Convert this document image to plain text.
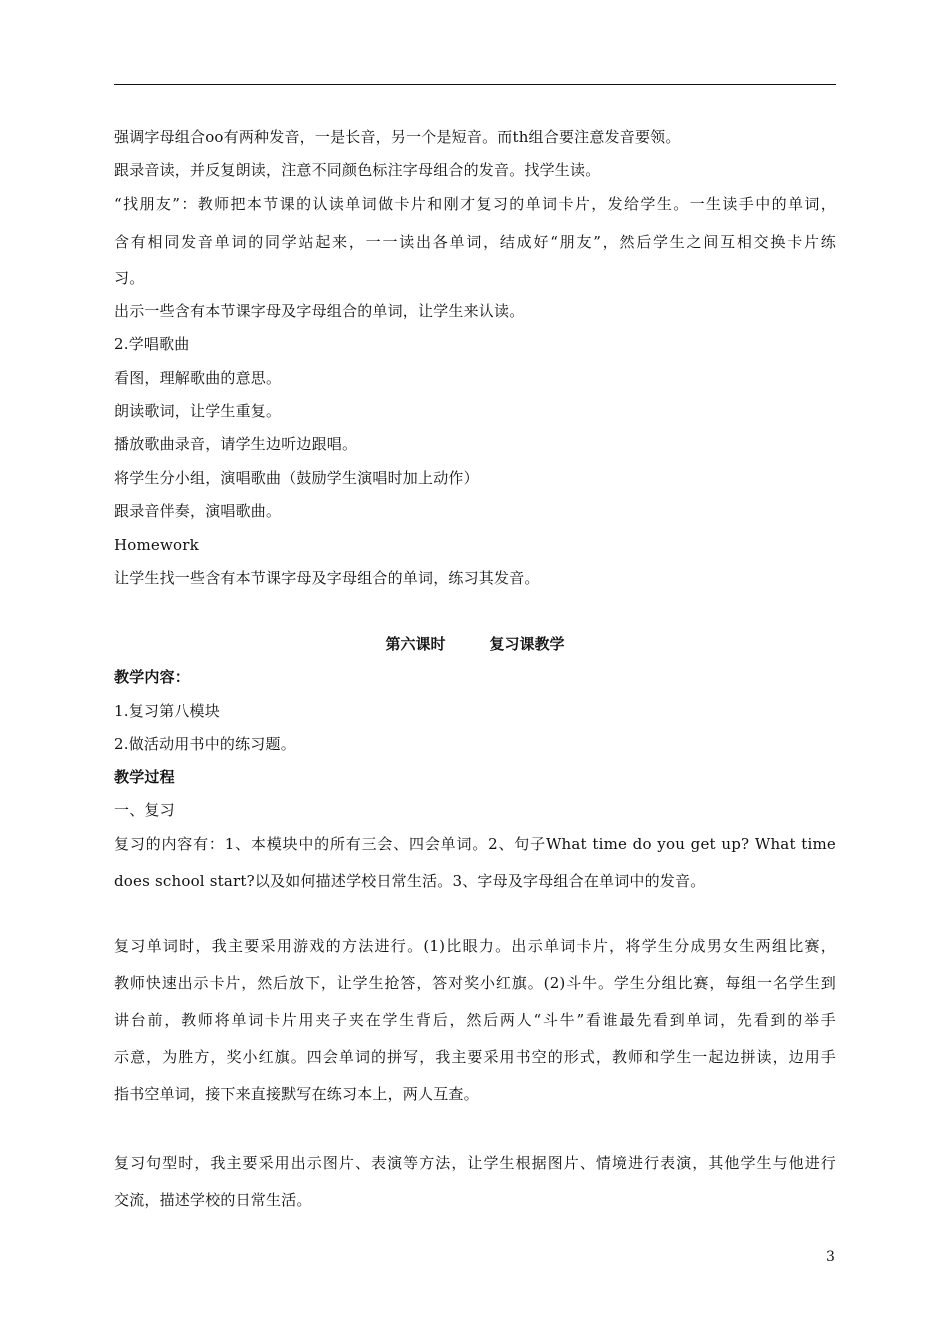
强调字母组合oo有两种发音，一是长音，另一个是短音。而th组合要注意发音要领。
跟录音读，并反复朗读，注意不同颜色标注字母组合的发音。找学生读。
“找朋友”：教师把本节课的认读单词做卡片和刚才复习的单词卡片，发给学生。一生读手中的单词，
含有相同发音单词的同学站起来，一一读出各单词，结成好“朋友”，然后学生之间互相交换卡片练
习。
出示一些含有本节课字母及字母组合的单词，让学生来认读。
2.学唱歌曲
看图，理解歌曲的意思。
朗读歌词，让学生重复。
播放歌曲录音，请学生边听边跟唱。
将学生分小组，演唱歌曲（鼓励学生演唱时加上动作）
跟录音伴奏，演唱歌曲。
Homework
让学生找一些含有本节课字母及字母组合的单词，练习其发音。
第六课时	复习课教学
教学内容：
1.复习第八模块
2.做活动用书中的练习题。
教学过程
一、复习
复习的内容有：1、本模块中的所有三会、四会单词。2、句子What time do you get up? What time
does school start?以及如何描述学校日常生活。3、字母及字母组合在单词中的发音。
复习单词时，我主要采用游戏的方法进行。(1)比眼力。出示单词卡片，将学生分成男女生两组比赛，
教师快速出示卡片，然后放下，让学生抢答，答对奖小红旗。(2)斗牛。学生分组比赛，每组一名学生到
讲台前，教师将单词卡片用夹子夹在学生背后，然后两人“斗牛”看谁最先看到单词，先看到的举手
示意，为胜方，奖小红旗。四会单词的拼写，我主要采用书空的形式，教师和学生一起边拼读，边用手
指书空单词，接下来直接默写在练习本上，两人互查。
复习句型时，我主要采用出示图片、表演等方法，让学生根据图片、情境进行表演，其他学生与他进行
交流，描述学校的日常生活。
3
